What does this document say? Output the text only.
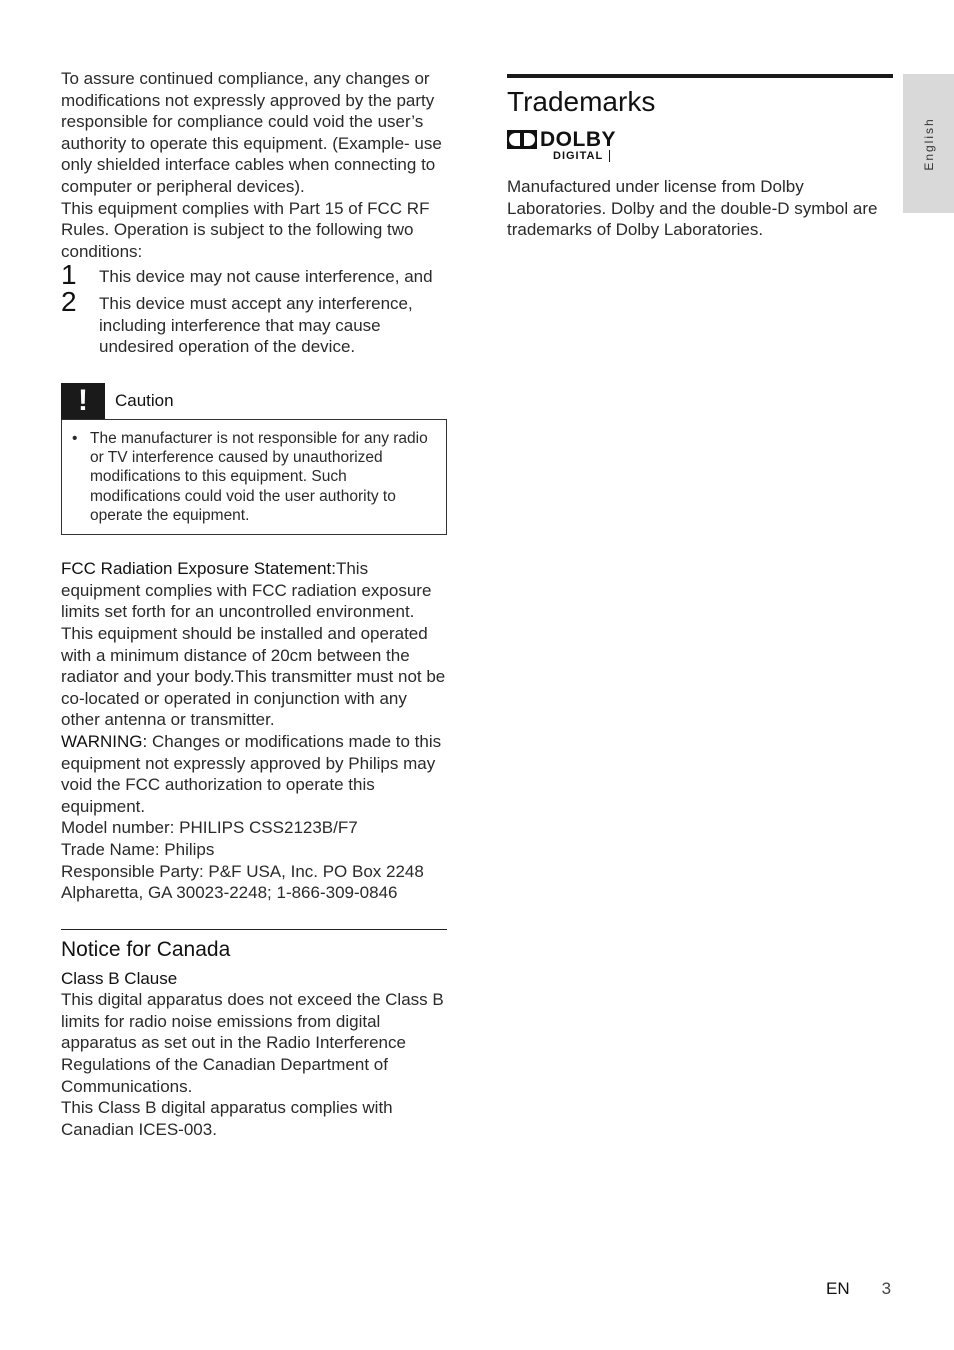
To assure continued compliance, any changes or modifications not expressly approved by the party responsible for compliance could void the user’s authority to operate this equipment. (Example- use only shielded interface cables when connecting to computer or peripheral devices).

This equipment complies with Part 15 of FCC RF Rules. Operation is subject to the following two conditions:

1 This device may not cause interference, and
2 This device must accept any interference, including interference that may cause undesired operation of the device.
!	Caution
• The manufacturer is not responsible for any radio or TV interference caused by unauthorized modifications to this equipment. Such modifications could void the user authority to operate the equipment.

FCC Radiation Exposure Statement:This equipment complies with FCC radiation exposure limits set forth for an uncontrolled environment. This equipment should be installed and operated with a minimum distance of 20cm between the radiator and your body.This transmitter must not be co-located or operated in conjunction with any other antenna or transmitter.

WARNING: Changes or modifications made to this equipment not expressly approved by Philips may void the FCC authorization to operate this equipment.

Model number: PHILIPS CSS2123B/F7

Trade Name: Philips

Responsible Party: P&F USA, Inc. PO Box 2248 Alpharetta, GA 30023-2248; 1-866-309-0846

Notice for Canada

Class B Clause

This digital apparatus does not exceed the Class B limits for radio noise emissions from digital apparatus as set out in the Radio Interference Regulations of the Canadian Department of Communications.

This Class B digital apparatus complies with Canadian ICES-003.

Trademarks
DOLBY
DIGITAL

Manufactured under license from Dolby Laboratories. Dolby and the double-D symbol are trademarks of Dolby Laboratories.

English
EN 3
